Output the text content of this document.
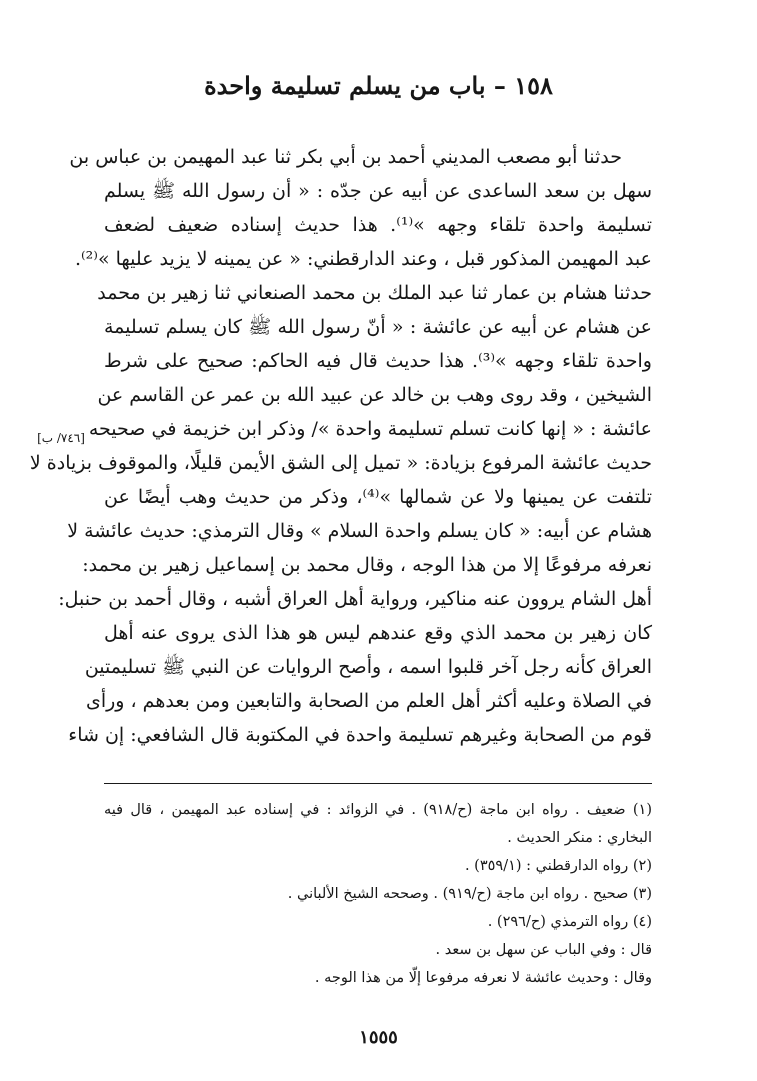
١٥٨ – باب من يسلم تسليمة واحدة
حدثنا أبو مصعب المديني أحمد بن أبي بكر ثنا عبد المهيمن بن عباس بن
سهل بن سعد الساعدى عن أبيه عن جدّه : « أن رسول الله ﷺ يسلم
تسليمة واحدة تلقاء وجهه »⁽¹⁾. هذا حديث إسناده ضعيف لضعف
عبد المهيمن المذكور قبل ، وعند الدارقطني: « عن يمينه لا يزيد عليها »⁽²⁾.
حدثنا هشام بن عمار ثنا عبد الملك بن محمد الصنعاني ثنا زهير بن محمد
عن هشام عن أبيه عن عائشة : « أنّ رسول الله ﷺ كان يسلم تسليمة
واحدة تلقاء وجهه »⁽³⁾. هذا حديث قال فيه الحاكم: صحيح على شرط
الشيخين ، وقد روى وهب بن خالد عن عبيد الله بن عمر عن القاسم عن
عائشة : « إنها كانت تسلم تسليمة واحدة »/ وذكر ابن خزيمة في صحيحه
حديث عائشة المرفوع بزيادة: « تميل إلى الشق الأيمن قليلًا، والموقوف بزيادة لا
تلتفت عن يمينها ولا عن شمالها »⁽⁴⁾، وذكر من حديث وهب أيضًا عن
هشام عن أبيه: « كان يسلم واحدة السلام » وقال الترمذي: حديث عائشة لا
نعرفه مرفوعًا إلا من هذا الوجه ، وقال محمد بن إسماعيل زهير بن محمد:
أهل الشام يروون عنه مناكير، ورواية أهل العراق أشبه ، وقال أحمد بن حنبل:
كان زهير بن محمد الذي وقع عندهم ليس هو هذا الذى يروى عنه أهل
العراق كأنه رجل آخر قلبوا اسمه ، وأصح الروايات عن النبي ﷺ تسليمتين
في الصلاة وعليه أكثر أهل العلم من الصحابة والتابعين ومن بعدهم ، ورأى
قوم من الصحابة وغيرهم تسليمة واحدة في المكتوبة قال الشافعي: إن شاء
[٧٤٦/ ب]
(١) ضعيف . رواه ابن ماجة (ح/٩١٨) . في الزوائد : في إسناده عبد المهيمن ، قال فيه البخاري : منكر الحديث .
(٢) رواه الدارقطني : (٣٥٩/١) .
(٣) صحيح . رواه ابن ماجة (ح/٩١٩) . وصححه الشيخ الألباني .
(٤) رواه الترمذي (ح/٢٩٦) .
قال : وفي الباب عن سهل بن سعد .
وقال : وحديث عائشة لا نعرفه مرفوعا إلّا من هذا الوجه .
١٥٥٥
